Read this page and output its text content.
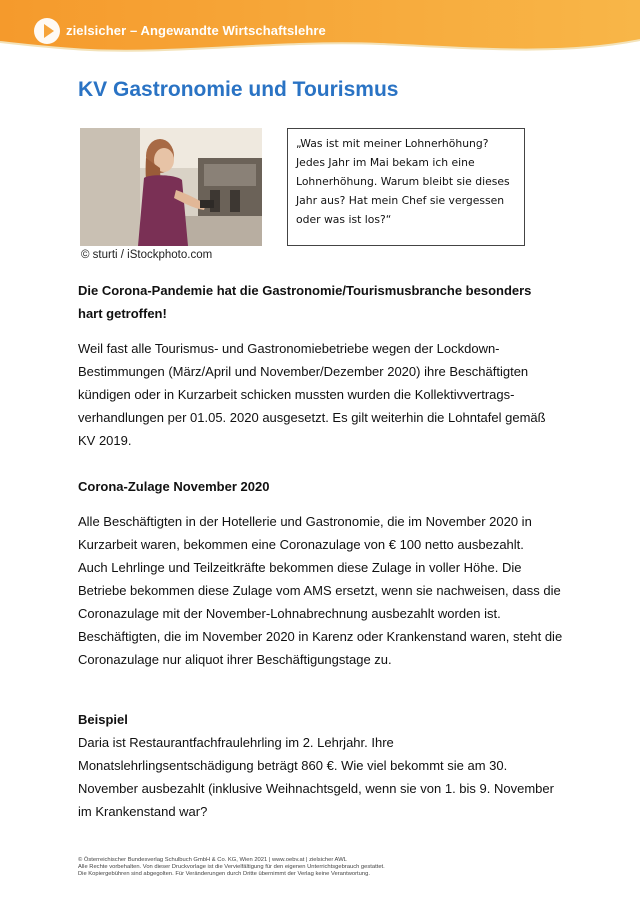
zielsicher – Angewandte Wirtschaftslehre
KV Gastronomie und Tourismus
© sturti / iStockphoto.com
„Was ist mit meiner Lohnerhöhung?
Jedes Jahr im Mai bekam ich eine
Lohnerhöhung. Warum bleibt sie dieses
Jahr aus? Hat mein Chef sie vergessen
oder was ist los?“
Die Corona-Pandemie hat die Gastronomie/Tourismusbranche besonders hart getroffen!

Weil fast alle Tourismus- und Gastronomiebetriebe wegen der Lockdown-Bestimmungen (März/April und November/Dezember 2020) ihre Beschäftigten kündigen oder in Kurzarbeit schicken mussten wurden die Kollektivvertrags-verhandlungen per 01.05. 2020 ausgesetzt. Es gilt weiterhin die Lohntafel gemäß KV 2019.

Corona-Zulage November 2020

Alle Beschäftigten in der Hotellerie und Gastronomie, die im November 2020 in Kurzarbeit waren, bekommen eine Coronazulage von € 100 netto ausbezahlt.

Auch Lehrlinge und Teilzeitkräfte bekommen diese Zulage in voller Höhe. Die Betriebe bekommen diese Zulage vom AMS ersetzt, wenn sie nachweisen, dass die Coronazulage mit der November-Lohnabrechnung ausbezahlt worden ist. Beschäftigten, die im November 2020 in Karenz oder Krankenstand waren, steht die Coronazulage nur aliquot ihrer Beschäftigungstage zu.

Beispiel

Daria ist Restaurantfachfraulehrling im 2. Lehrjahr. Ihre Monatslehrlingsentschädigung beträgt 860 €. Wie viel bekommt sie am 30. November ausbezahlt (inklusive Weihnachtsgeld, wenn sie von 1. bis 9. November im Krankenstand war?

© Österreichischer Bundesverlag Schulbuch GmbH & Co. KG, Wien 2021 | www.oebv.at | zielsicher AWL
Alle Rechte vorbehalten. Von dieser Druckvorlage ist die Vervielfältigung für den eigenen Unterrichtsgebrauch gestattet.
Die Kopiergebühren sind abgegolten. Für Veränderungen durch Dritte übernimmt der Verlag keine Verantwortung.
